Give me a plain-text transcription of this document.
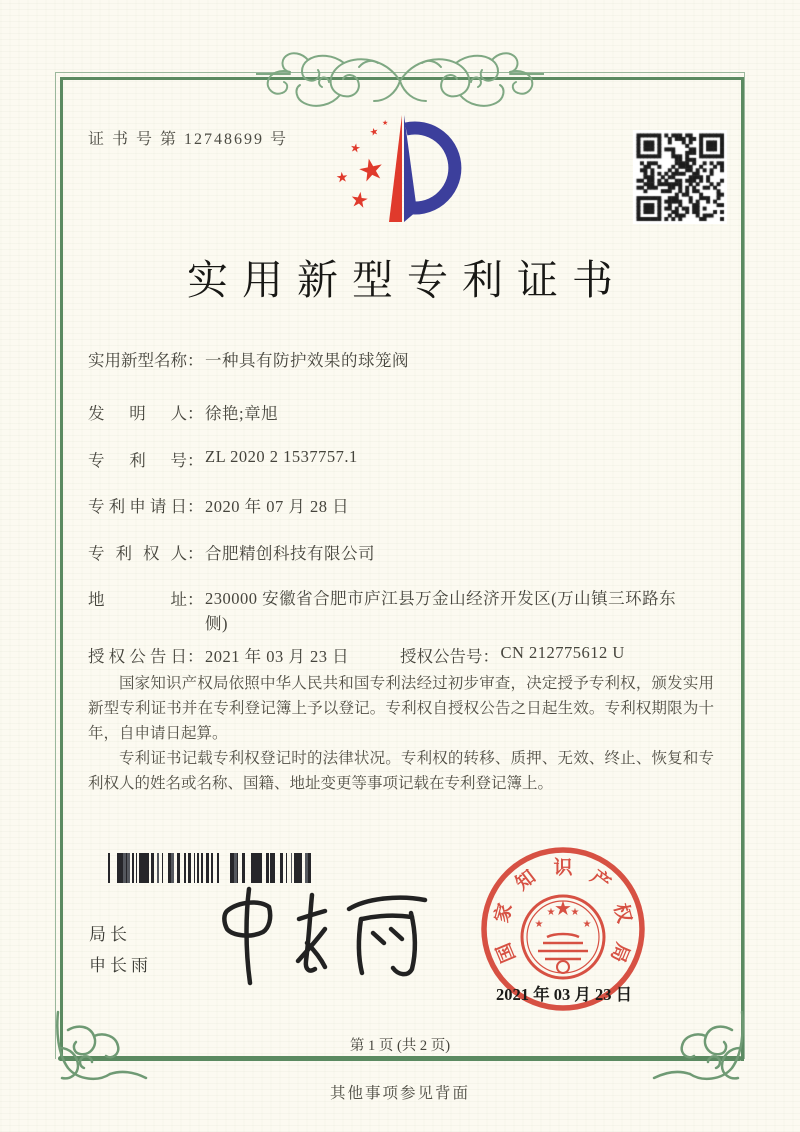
证 书 号 第 12748699 号
★
★
★
★
★
★
实用新型专利证书
实用新型名称 ： 一种具有防护效果的球笼阀
发明人 ： 徐艳;章旭
专利号 ： ZL 2020 2 1537757.1
专利申请日 ： 2020 年 07 月 28 日
专利权人 ： 合肥精创科技有限公司
地址 ： 230000 安徽省合肥市庐江县万金山经济开发区(万山镇三环路东侧)
授权公告日 ： 2021 年 03 月 23 日	授权公告号 ： CN 212775612 U

国家知识产权局依照中华人民共和国专利法经过初步审查，决定授予专利权，颁发实用新型专利证书并在专利登记簿上予以登记。专利权自授权公告之日起生效。专利权期限为十年，自申请日起算。

专利证书记载专利权登记时的法律状况。专利权的转移、质押、无效、终止、恢复和专利权人的姓名或名称、国籍、地址变更等事项记载在专利登记簿上。

局长
申长雨
国
家
知 识 产
权
局
★
★
★ ★
★
2021 年 03 月 23 日
第 1 页 (共 2 页)
其他事项参见背面
